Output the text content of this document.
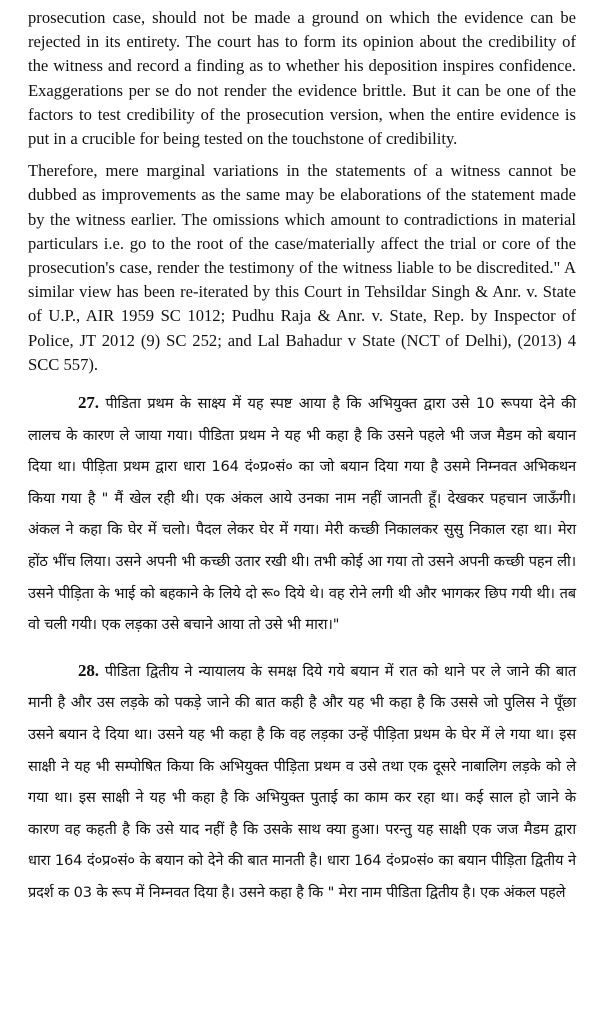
prosecution case, should not be made a ground on which the evidence can be rejected in its entirety. The court has to form its opinion about the credibility of the witness and record a finding as to whether his deposition inspires confidence. Exaggerations per se do not render the evidence brittle. But it can be one of the factors to test credibility of the prosecution version, when the entire evidence is put in a crucible for being tested on the touchstone of credibility.

Therefore, mere marginal variations in the statements of a witness cannot be dubbed as improvements as the same may be elaborations of the statement made by the witness earlier. The omissions which amount to contradictions in material particulars i.e. go to the root of the case/materially affect the trial or core of the prosecution's case, render the testimony of the witness liable to be discredited." A similar view has been re-iterated by this Court in Tehsildar Singh & Anr. v. State of U.P., AIR 1959 SC 1012; Pudhu Raja & Anr. v. State, Rep. by Inspector of Police, JT 2012 (9) SC 252; and Lal Bahadur v State (NCT of Delhi), (2013) 4 SCC 557).

27. पीडिता प्रथम के साक्ष्य में यह स्पष्ट आया है कि अभियुक्त द्वारा उसे 10 रूपया देने की लालच के कारण ले जाया गया। पीडिता प्रथम ने यह भी कहा है कि उसने पहले भी जज मैडम को बयान दिया था। पीड़िता प्रथम द्वारा धारा 164 दं०प्र०सं० का जो बयान दिया गया है उसमे निम्नवत अभिकथन किया गया है " मैं खेल रही थी। एक अंकल आये उनका नाम नहीं जानती हूँ। देखकर पहचान जाऊँगी। अंकल ने कहा कि घेर में चलो। पैदल लेकर घेर में गया। मेरी कच्छी निकालकर सुसु निकाल रहा था। मेरा होंठ भींच लिया। उसने अपनी भी कच्छी उतार रखी थी। तभी कोई आ गया तो उसने अपनी कच्छी पहन ली। उसने पीड़िता के भाई को बहकाने के लिये दो रू० दिये थे। वह रोने लगी थी और भागकर छिप गयी थी। तब वो चली गयी। एक लड़का उसे बचाने आया तो उसे भी मारा।"

28. पीडिता द्वितीय ने न्यायालय के समक्ष दिये गये बयान में रात को थाने पर ले जाने की बात मानी है और उस लड़के को पकड़े जाने की बात कही है और यह भी कहा है कि उससे जो पुलिस ने पूँछा उसने बयान दे दिया था। उसने यह भी कहा है कि वह लड़का उन्हें पीड़िता प्रथम के घेर में ले गया था। इस साक्षी ने यह भी सम्पोषित किया कि अभियुक्त पीड़िता प्रथम व उसे तथा एक दूसरे नाबालिग लड़के को ले गया था। इस साक्षी ने यह भी कहा है कि अभियुक्त पुताई का काम कर रहा था। कई साल हो जाने के कारण वह कहती है कि उसे याद नहीं है कि उसके साथ क्या हुआ। परन्तु यह साक्षी एक जज मैडम द्वारा धारा 164 दं०प्र०सं० के बयान को देने की बात मानती है। धारा 164 दं०प्र०सं० का बयान पीड़िता द्वितीय ने प्रदर्श क 03 के रूप में निम्नवत दिया है। उसने कहा है कि " मेरा नाम पीडिता द्वितीय है। एक अंकल पहले
